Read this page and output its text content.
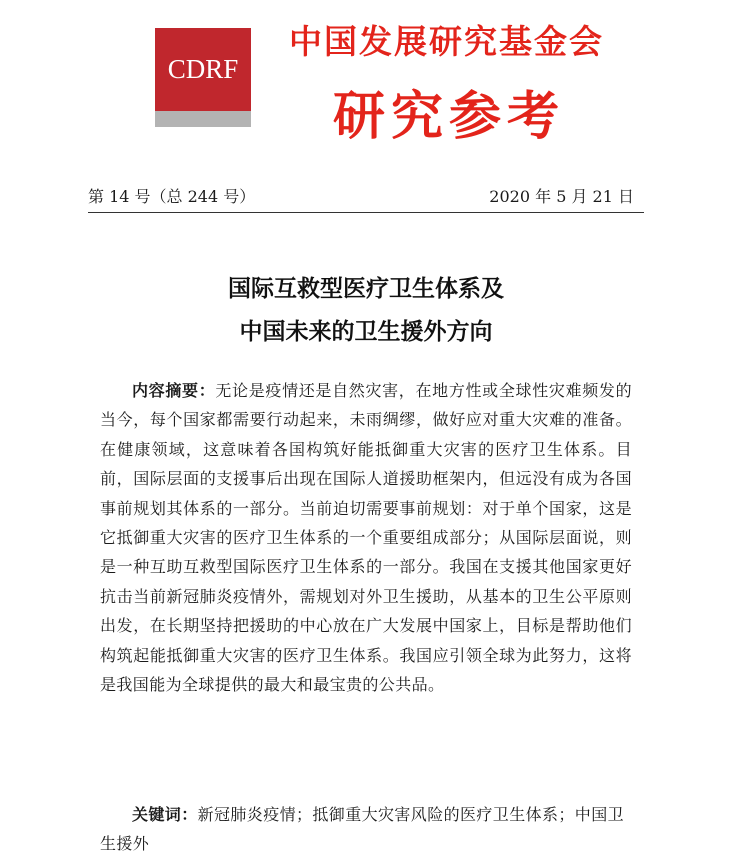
CDRF
中国发展研究基金会
研究参考
第 14 号（总 244 号）	2020 年 5 月 21 日
国际互救型医疗卫生体系及
中国未来的卫生援外方向
内容摘要：无论是疫情还是自然灾害，在地方性或全球性灾难频发的当今，每个国家都需要行动起来，未雨绸缪，做好应对重大灾难的准备。在健康领域，这意味着各国构筑好能抵御重大灾害的医疗卫生体系。目前，国际层面的支援事后出现在国际人道援助框架内，但远没有成为各国事前规划其体系的一部分。当前迫切需要事前规划：对于单个国家，这是它抵御重大灾害的医疗卫生体系的一个重要组成部分；从国际层面说，则是一种互助互救型国际医疗卫生体系的一部分。我国在支援其他国家更好抗击当前新冠肺炎疫情外，需规划对外卫生援助，从基本的卫生公平原则出发，在长期坚持把援助的中心放在广大发展中国家上，目标是帮助他们构筑起能抵御重大灾害的医疗卫生体系。我国应引领全球为此努力，这将是我国能为全球提供的最大和最宝贵的公共品。
关键词：新冠肺炎疫情；抵御重大灾害风险的医疗卫生体系；中国卫生援外
